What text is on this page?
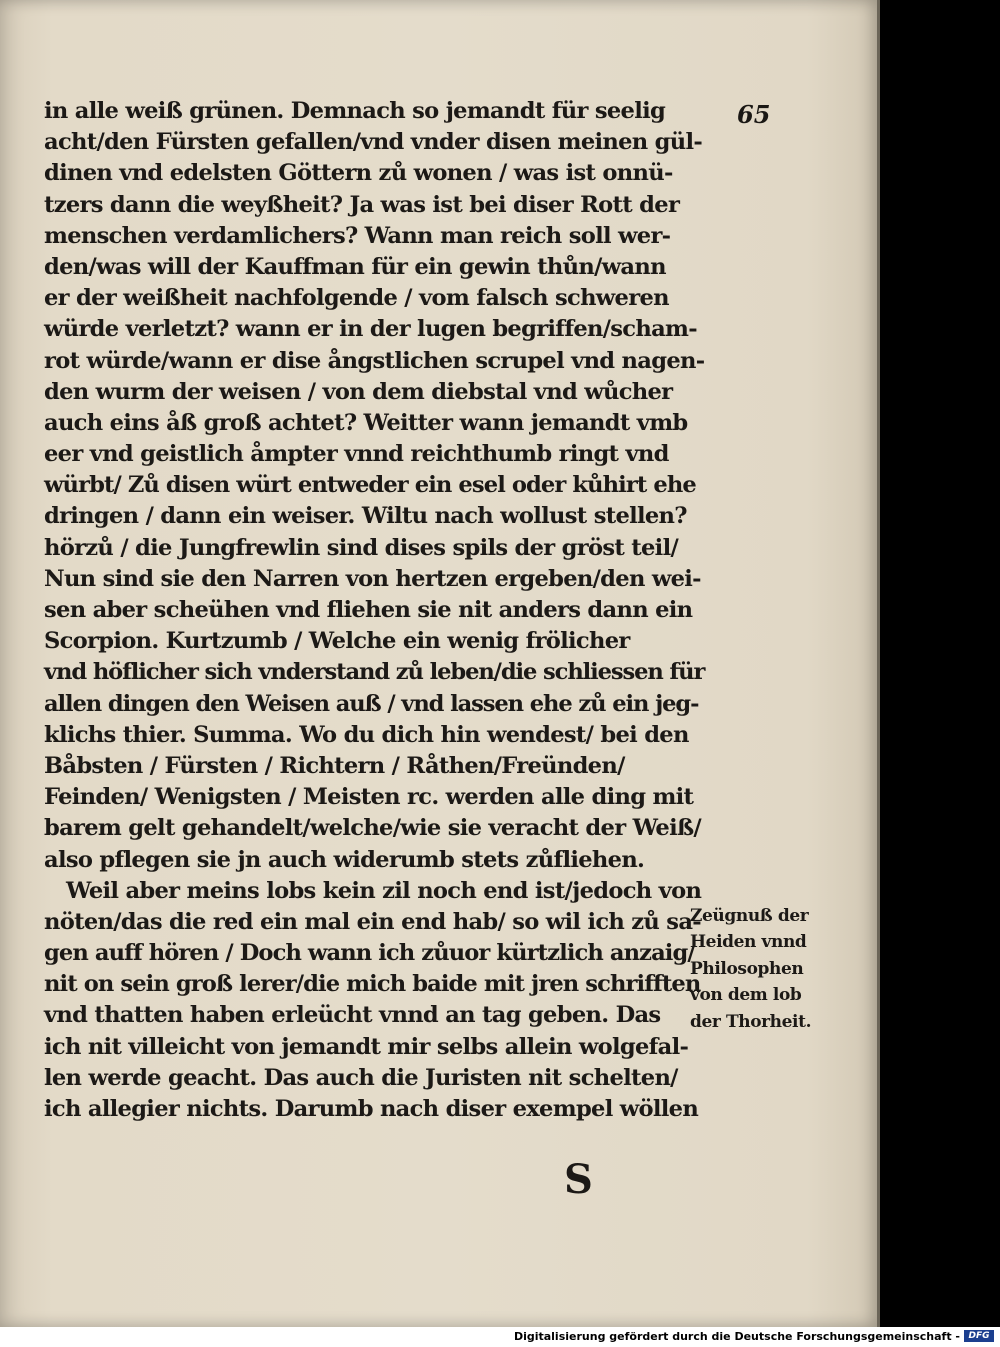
65
in alle weiß grünen. Demnach so jemandt für seelig
acht/den Fürsten gefallen/vnd vnder disen meinen gül-
dinen vnd edelsten Göttern zů wonen / was ist onnü-
tzers dann die weyßheit? Ja was ist bei diser Rott der
menschen verdamlichers? Wann man reich soll wer-
den/was will der Kauffman für ein gewin thůn/wann
er der weißheit nachfolgende / vom falsch schweren
würde verletzt? wann er in der lugen begriffen/scham-
rot würde/wann er dise ångstlichen scrupel vnd nagen-
den wurm der weisen / von dem diebstal vnd wůcher
auch eins åß groß achtet? Weitter wann jemandt vmb
eer vnd geistlich åmpter vnnd reichthumb ringt vnd
würbt/ Zů disen würt entweder ein esel oder kůhirt ehe
dringen / dann ein weiser. Wiltu nach wollust stellen?
hörzů / die Jungfrewlin sind dises spils der gröst teil/
Nun sind sie den Narren von hertzen ergeben/den wei-
sen aber scheühen vnd fliehen sie nit anders dann ein
Scorpion. Kurtzumb / Welche ein wenig frölicher
vnd höflicher sich vnderstand zů leben/die schliessen für
allen dingen den Weisen auß / vnd lassen ehe zů ein jeg-
klichs thier. Summa. Wo du dich hin wendest/ bei den
Båbsten / Fürsten / Richtern / Råthen/Freünden/
Feinden/ Wenigsten / Meisten rc. werden alle ding mit
barem gelt gehandelt/welche/wie sie veracht der Weiß/
also pflegen sie jn auch widerumb stets zůfliehen.
Weil aber meins lobs kein zil noch end ist/jedoch von
nöten/das die red ein mal ein end hab/ so wil ich zů sa-
gen auff hören / Doch wann ich zůuor kürtzlich anzaig/
nit on sein groß lerer/die mich baide mit jren schrifften
vnd thatten haben erleücht vnnd an tag geben. Das
ich nit villeicht von jemandt mir selbs allein wolgefal-
len werde geacht. Das auch die Juristen nit schelten/
ich allegier nichts. Darumb nach diser exempel wöllen
Zeügnuß der
Heiden vnnd
Philosophen
von dem lob
der Thorheit.
S
Digitalisierung gefördert durch die Deutsche Forschungsgemeinschaft - DFG
